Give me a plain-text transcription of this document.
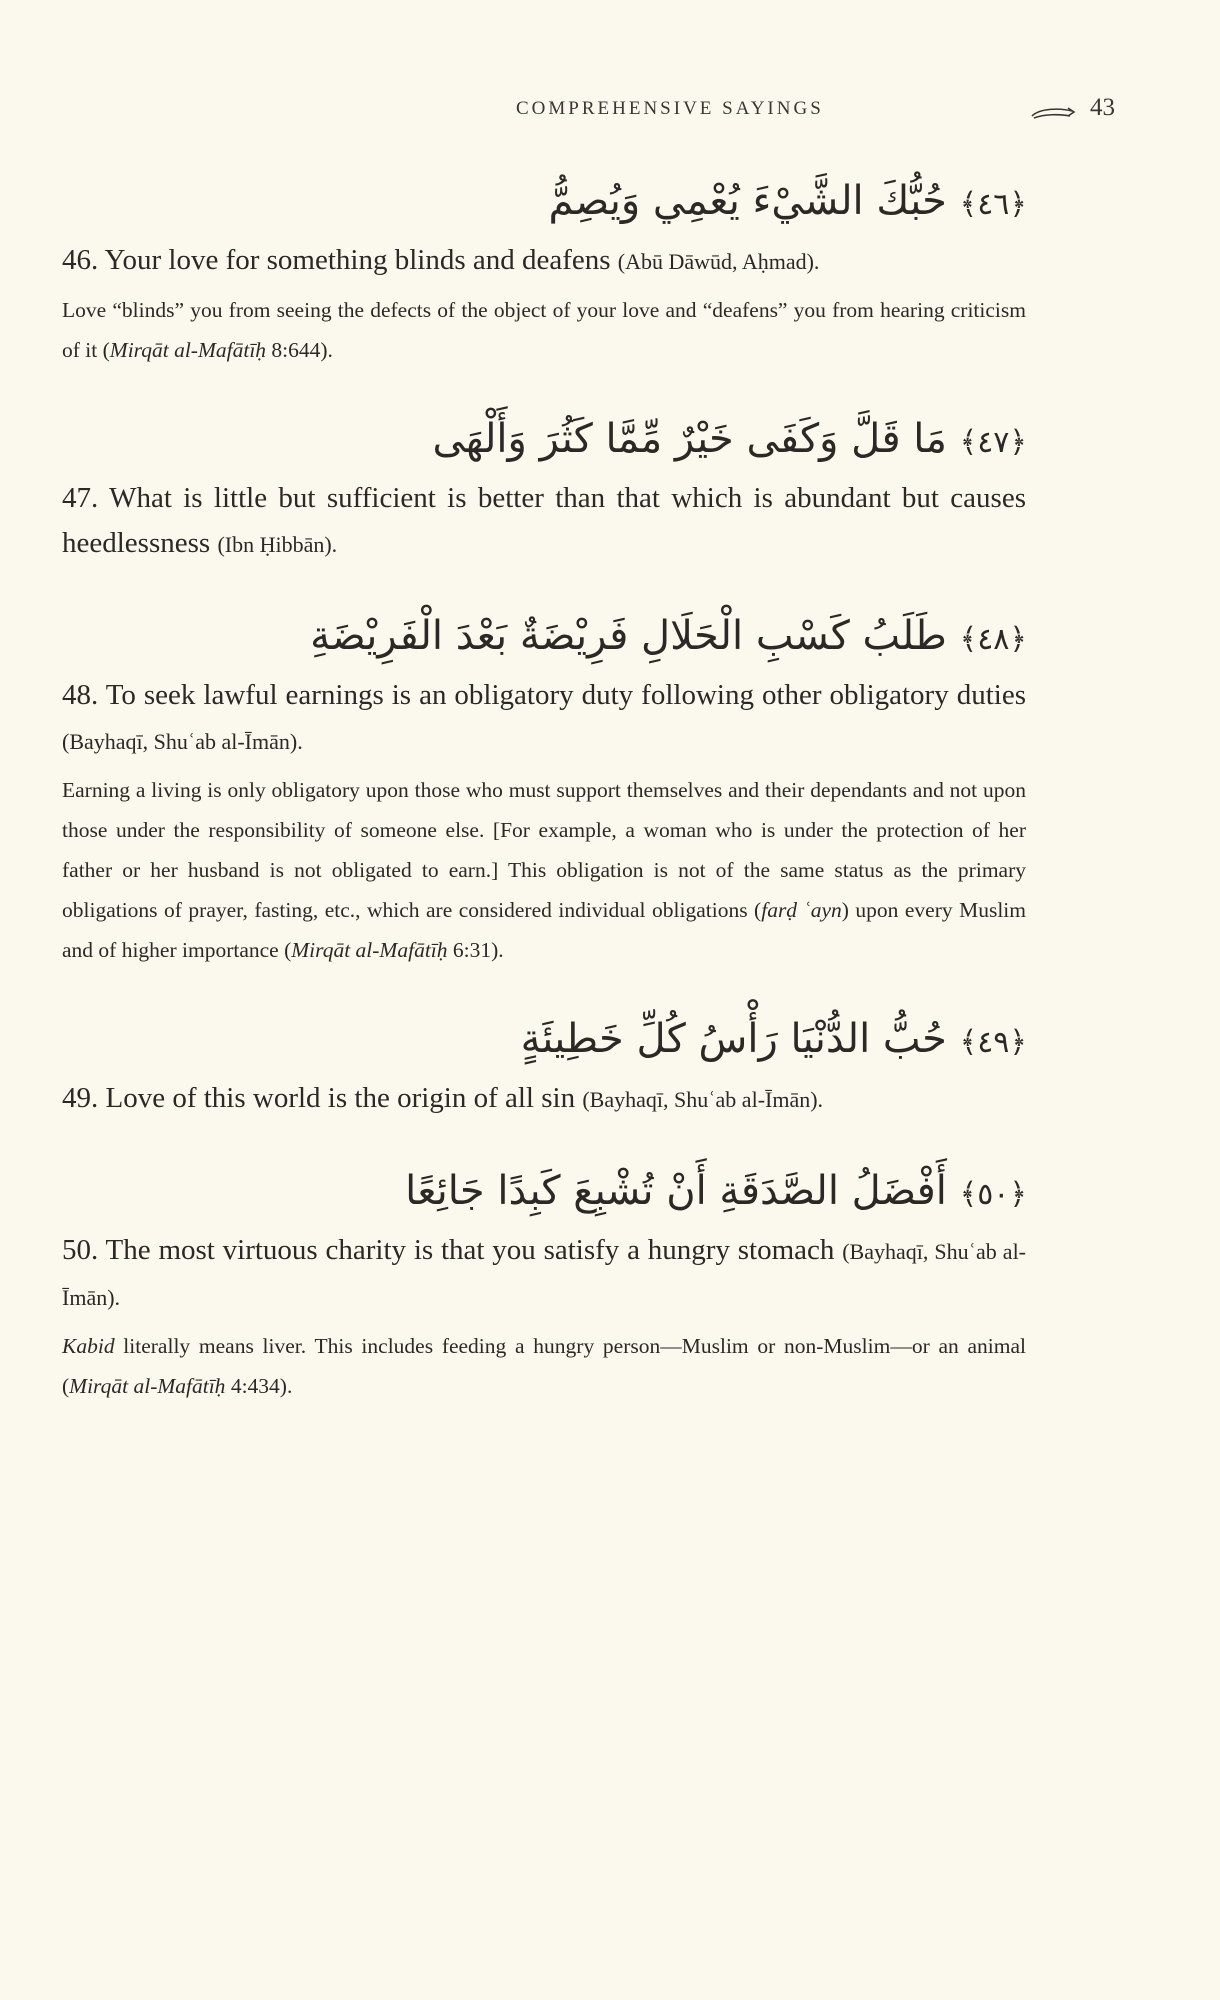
COMPREHENSIVE SAYINGS	43
﴿٤٦﴾ حُبُّكَ الشَّيْءَ يُعْمِي وَيُصِمُّ

46. Your love for something blinds and deafens (Abū Dāwūd, Aḥmad).

Love “blinds” you from seeing the defects of the object of your love and “deafens” you from hearing criticism of it (Mirqāt al-Mafātīḥ 8:644).

﴿٤٧﴾ مَا قَلَّ وَكَفَى خَيْرٌ مِّمَّا كَثُرَ وَأَلْهَى

47. What is little but sufficient is better than that which is abundant but causes heedlessness (Ibn Ḥibbān).

﴿٤٨﴾ طَلَبُ كَسْبِ الْحَلَالِ فَرِيْضَةٌ بَعْدَ الْفَرِيْضَةِ

48. To seek lawful earnings is an obligatory duty following other obligatory duties (Bayhaqī, Shuʿab al-Īmān).

Earning a living is only obligatory upon those who must support themselves and their dependants and not upon those under the responsibility of someone else. [For example, a woman who is under the protection of her father or her husband is not obligated to earn.] This obligation is not of the same status as the primary obligations of prayer, fasting, etc., which are considered individual obligations (farḍ ʿayn) upon every Muslim and of higher importance (Mirqāt al-Mafātīḥ 6:31).

﴿٤٩﴾ حُبُّ الدُّنْيَا رَأْسُ كُلِّ خَطِيئَةٍ

49. Love of this world is the origin of all sin (Bayhaqī, Shuʿab al-Īmān).

﴿٥٠﴾ أَفْضَلُ الصَّدَقَةِ أَنْ تُشْبِعَ كَبِدًا جَائِعًا

50. The most virtuous charity is that you satisfy a hungry stomach (Bayhaqī, Shuʿab al-Īmān).

Kabid literally means liver. This includes feeding a hungry person—Muslim or non-Muslim—or an animal (Mirqāt al-Mafātīḥ 4:434).
